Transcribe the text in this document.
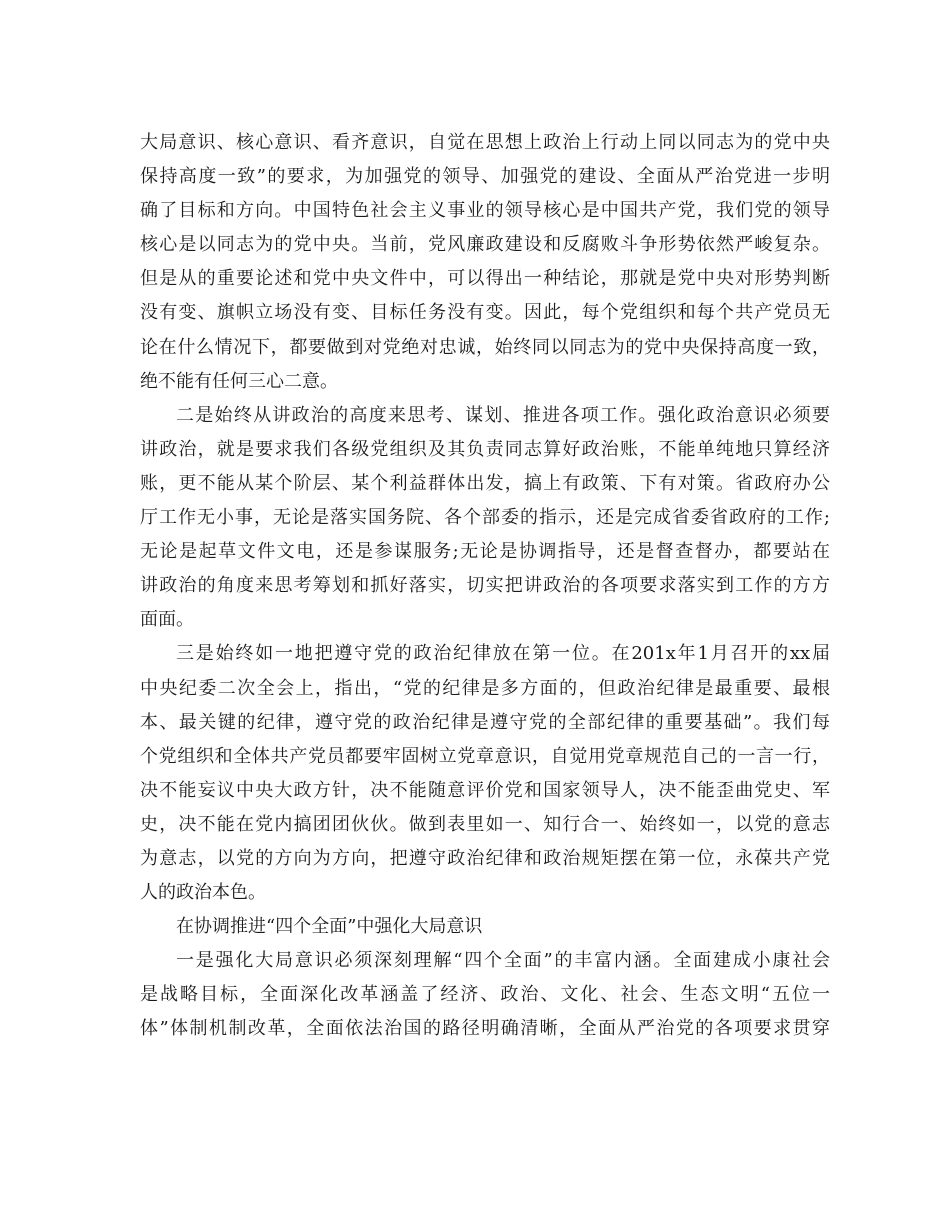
大局意识、核心意识、看齐意识，自觉在思想上政治上行动上同以同志为的党中央
保持高度一致”的要求，为加强党的领导、加强党的建设、全面从严治党进一步明
确了目标和方向。中国特色社会主义事业的领导核心是中国共产党，我们党的领导
核心是以同志为的党中央。当前，党风廉政建设和反腐败斗争形势依然严峻复杂。
但是从的重要论述和党中央文件中，可以得出一种结论，那就是党中央对形势判断
没有变、旗帜立场没有变、目标任务没有变。因此，每个党组织和每个共产党员无
论在什么情况下，都要做到对党绝对忠诚，始终同以同志为的党中央保持高度一致，
绝不能有任何三心二意。
二是始终从讲政治的高度来思考、谋划、推进各项工作。强化政治意识必须要
讲政治，就是要求我们各级党组织及其负责同志算好政治账，不能单纯地只算经济
账，更不能从某个阶层、某个利益群体出发，搞上有政策、下有对策。省政府办公
厅工作无小事，无论是落实国务院、各个部委的指示，还是完成省委省政府的工作;
无论是起草文件文电，还是参谋服务;无论是协调指导，还是督查督办，都要站在
讲政治的角度来思考筹划和抓好落实，切实把讲政治的各项要求落实到工作的方方
面面。
三是始终如一地把遵守党的政治纪律放在第一位。在201x年1月召开的xx届
中央纪委二次全会上，指出，“党的纪律是多方面的，但政治纪律是最重要、最根
本、最关键的纪律，遵守党的政治纪律是遵守党的全部纪律的重要基础”。我们每
个党组织和全体共产党员都要牢固树立党章意识，自觉用党章规范自己的一言一行，
决不能妄议中央大政方针，决不能随意评价党和国家领导人，决不能歪曲党史、军
史，决不能在党内搞团团伙伙。做到表里如一、知行合一、始终如一，以党的意志
为意志，以党的方向为方向，把遵守政治纪律和政治规矩摆在第一位，永葆共产党
人的政治本色。
在协调推进“四个全面”中强化大局意识
一是强化大局意识必须深刻理解“四个全面”的丰富内涵。全面建成小康社会
是战略目标，全面深化改革涵盖了经济、政治、文化、社会、生态文明“五位一
体”体制机制改革，全面依法治国的路径明确清晰，全面从严治党的各项要求贯穿
